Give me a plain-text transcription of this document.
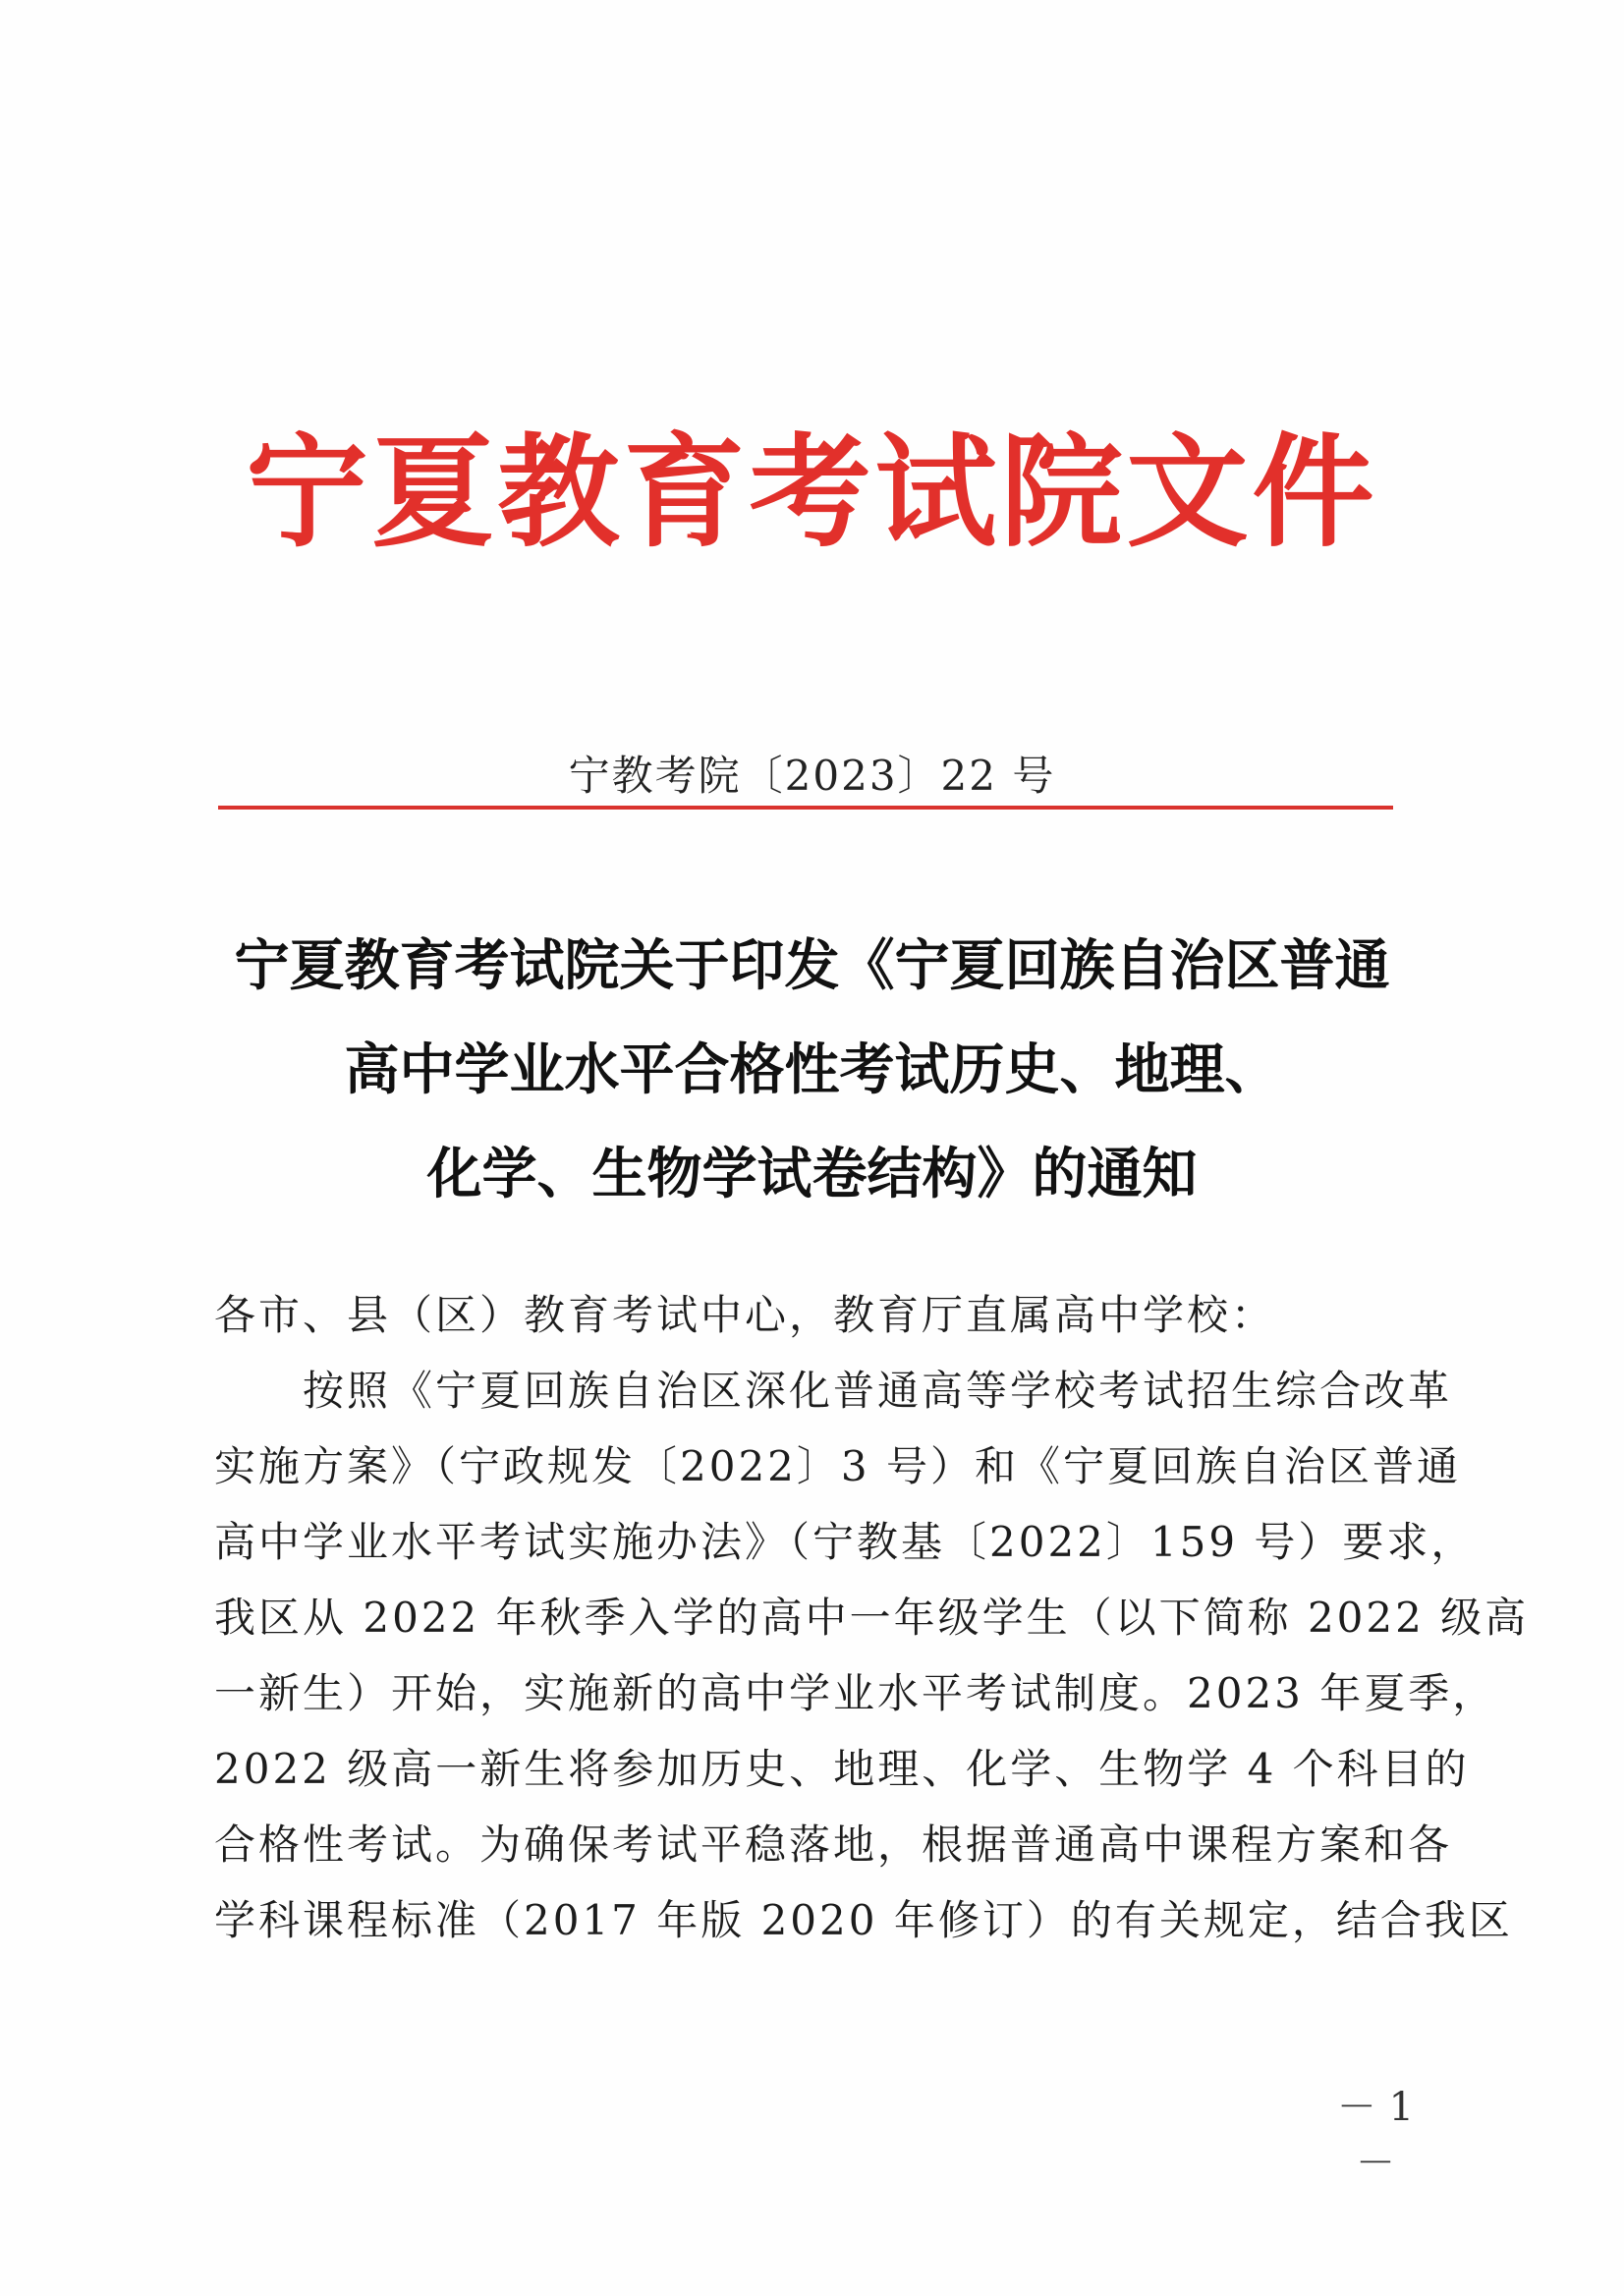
宁夏教育考试院文件
宁教考院〔2023〕22 号
宁夏教育考试院关于印发《宁夏回族自治区普通
高中学业水平合格性考试历史、地理、
化学、生物学试卷结构》的通知
各市、县（区）教育考试中心，教育厅直属高中学校：
按照《宁夏回族自治区深化普通高等学校考试招生综合改革
实施方案》（宁政规发〔2022〕3 号）和《宁夏回族自治区普通
高中学业水平考试实施办法》（宁教基〔2022〕159 号）要求，
我区从 2022 年秋季入学的高中一年级学生（以下简称 2022 级高
一新生）开始，实施新的高中学业水平考试制度。2023 年夏季，
2022 级高一新生将参加历史、地理、化学、生物学 4 个科目的
合格性考试。为确保考试平稳落地，根据普通高中课程方案和各
学科课程标准（2017 年版 2020 年修订）的有关规定，结合我区
－ 1 －
